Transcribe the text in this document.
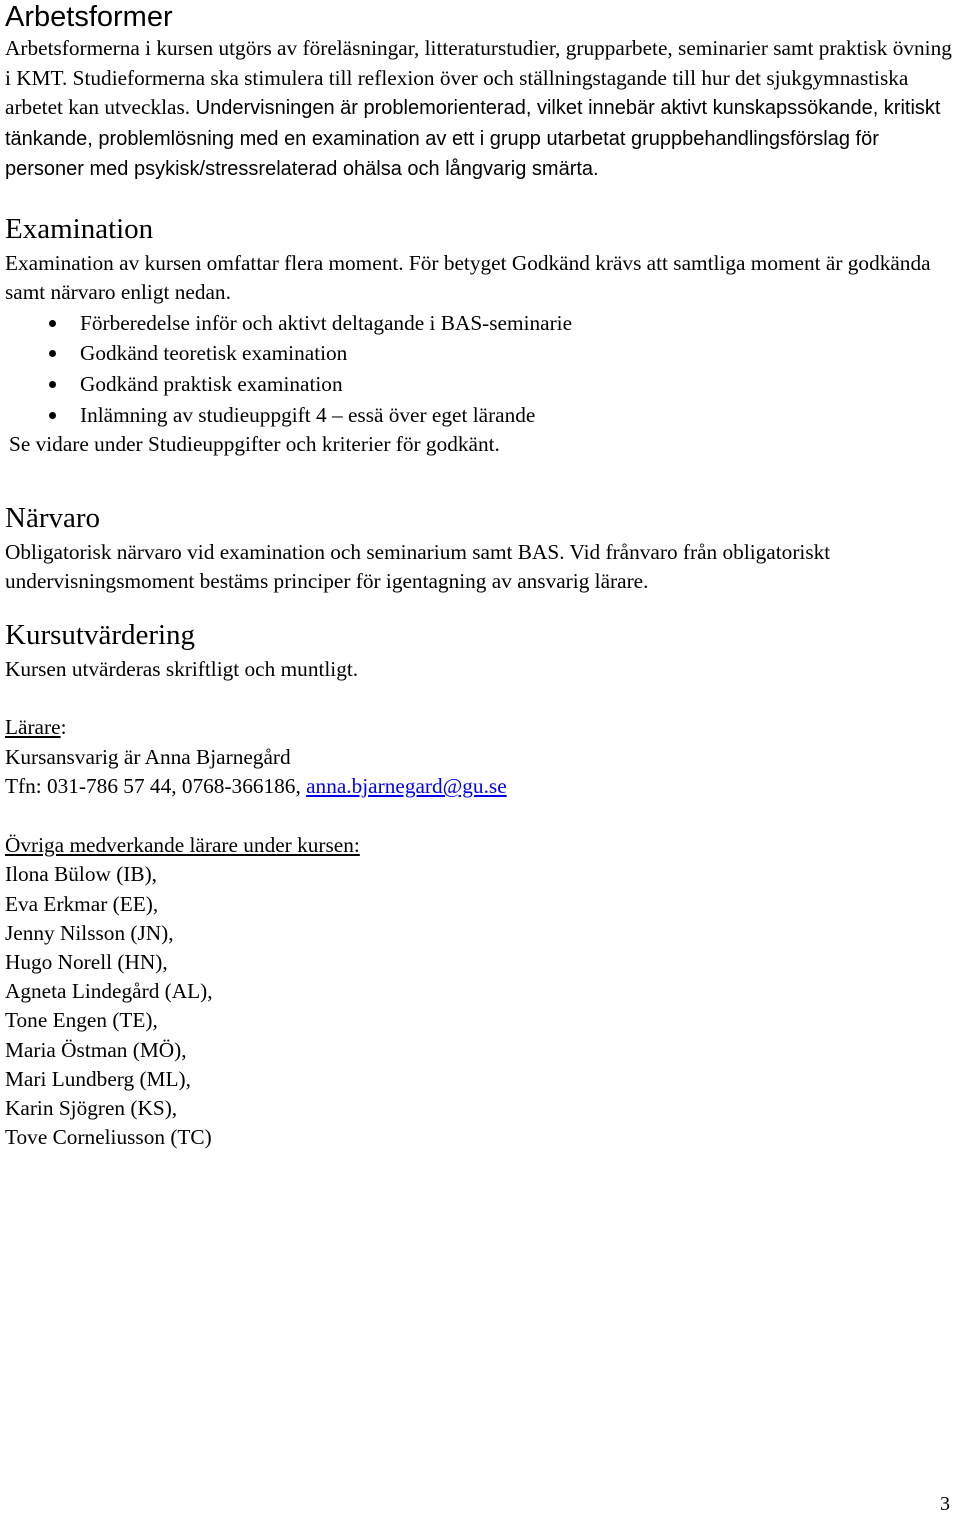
Arbetsformer

Arbetsformerna i kursen utgörs av föreläsningar, litteraturstudier, grupparbete, seminarier samt praktisk övning i KMT. Studieformerna ska stimulera till reflexion över och ställningstagande till hur det sjukgymnastiska arbetet kan utvecklas. Undervisningen är problemorienterad, vilket innebär aktivt kunskapssökande, kritiskt tänkande, problemlösning med en examination av ett i grupp utarbetat gruppbehandlingsförslag för personer med psykisk/stressrelaterad ohälsa och långvarig smärta.

Examination

Examination av kursen omfattar flera moment. För betyget Godkänd krävs att samtliga moment är godkända samt närvaro enligt nedan.

Förberedelse inför och aktivt deltagande i BAS-seminarie
Godkänd teoretisk examination
Godkänd praktisk examination
Inlämning av studieuppgift 4 – essä över eget lärande

Se vidare under Studieuppgifter och kriterier för godkänt.

Närvaro

Obligatorisk närvaro vid examination och seminarium samt BAS. Vid frånvaro från obligatoriskt undervisningsmoment bestäms principer för igentagning av ansvarig lärare.

Kursutvärdering

Kursen utvärderas skriftligt och muntligt.

Lärare:

Kursansvarig är Anna Bjarnegård

Tfn: 031-786 57 44, 0768-366186, anna.bjarnegard@gu.se

Övriga medverkande lärare under kursen:

Ilona Bülow (IB),
Eva Erkmar (EE),
Jenny Nilsson (JN),
Hugo Norell (HN),
Agneta Lindegård (AL),
Tone Engen (TE),
Maria Östman (MÖ),
Mari Lundberg (ML),
Karin Sjögren (KS),
Tove Corneliusson (TC)
3
